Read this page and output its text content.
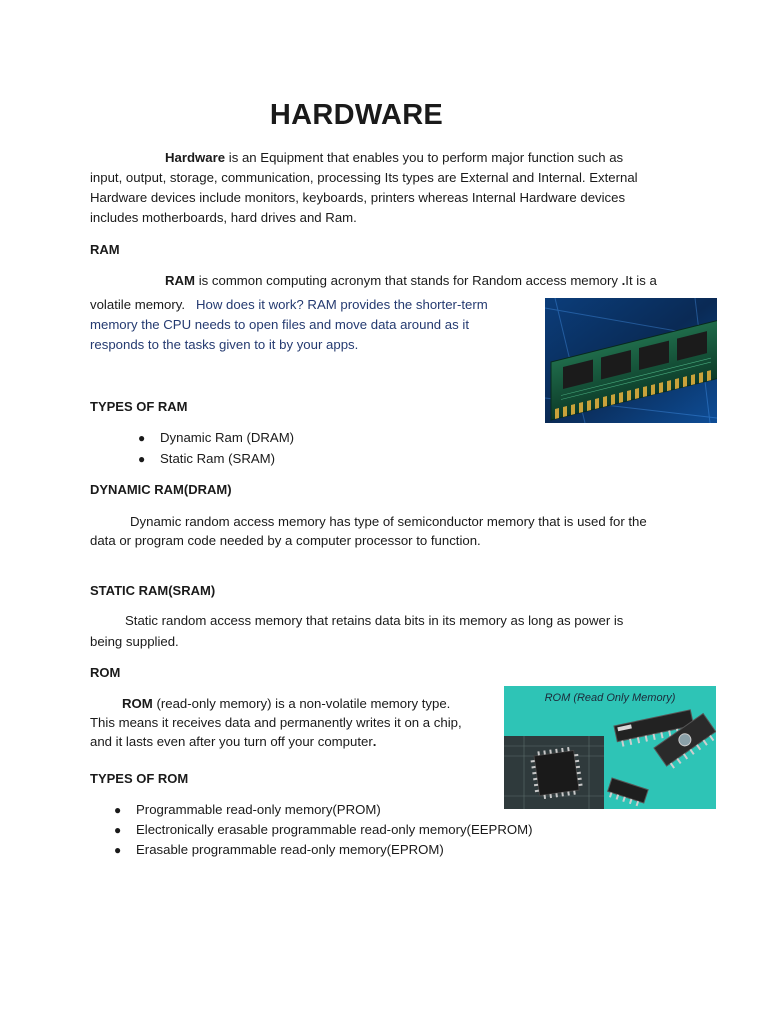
HARDWARE
Hardware is an Equipment that enables you to perform major function such as
input, output, storage, communication, processing Its types are External and Internal. External
Hardware devices include monitors, keyboards, printers whereas Internal Hardware devices
includes motherboards, hard drives and Ram.
RAM
RAM is common computing acronym that stands for Random access memory .It is a
volatile memory.   How does it work? RAM provides the shorter-term
memory the CPU needs to open files and move data around as it
responds to the tasks given to it by your apps.
TYPES OF RAM
● Dynamic Ram (DRAM)
● Static Ram (SRAM)
DYNAMIC RAM(DRAM)
Dynamic random access memory has type of semiconductor memory that is used for the
data or program code needed by a computer processor to function.
STATIC RAM(SRAM)
Static random access memory that retains data bits in its memory as long as power is
being supplied.
ROM
ROM (read-only memory) is a non-volatile memory type.
This means it receives data and permanently writes it on a chip,
and it lasts even after you turn off your computer.
ROM (Read Only Memory)
TYPES OF ROM
● Programmable read-only memory(PROM)
● Electronically erasable programmable read-only memory(EEPROM)
● Erasable programmable read-only memory(EPROM)
